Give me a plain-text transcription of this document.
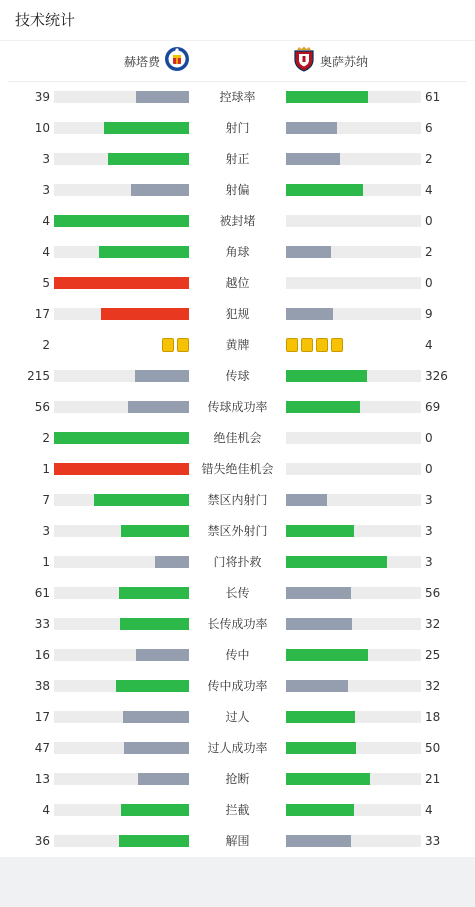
技术统计
赫塔费	奥萨苏纳
39	控球率	61
10	射门	6
3	射正	2
3	射偏	4
4	被封堵	0
4	角球	2
5	越位	0
17	犯规	9
2	黄牌	4
215	传球	326
56	传球成功率	69
2	绝佳机会	0
1	错失绝佳机会	0
7	禁区内射门	3
3	禁区外射门	3
1	门将扑救	3
61	长传	56
33	长传成功率	32
16	传中	25
38	传中成功率	32
17	过人	18
47	过人成功率	50
13	抢断	21
4	拦截	4
36	解围	33
